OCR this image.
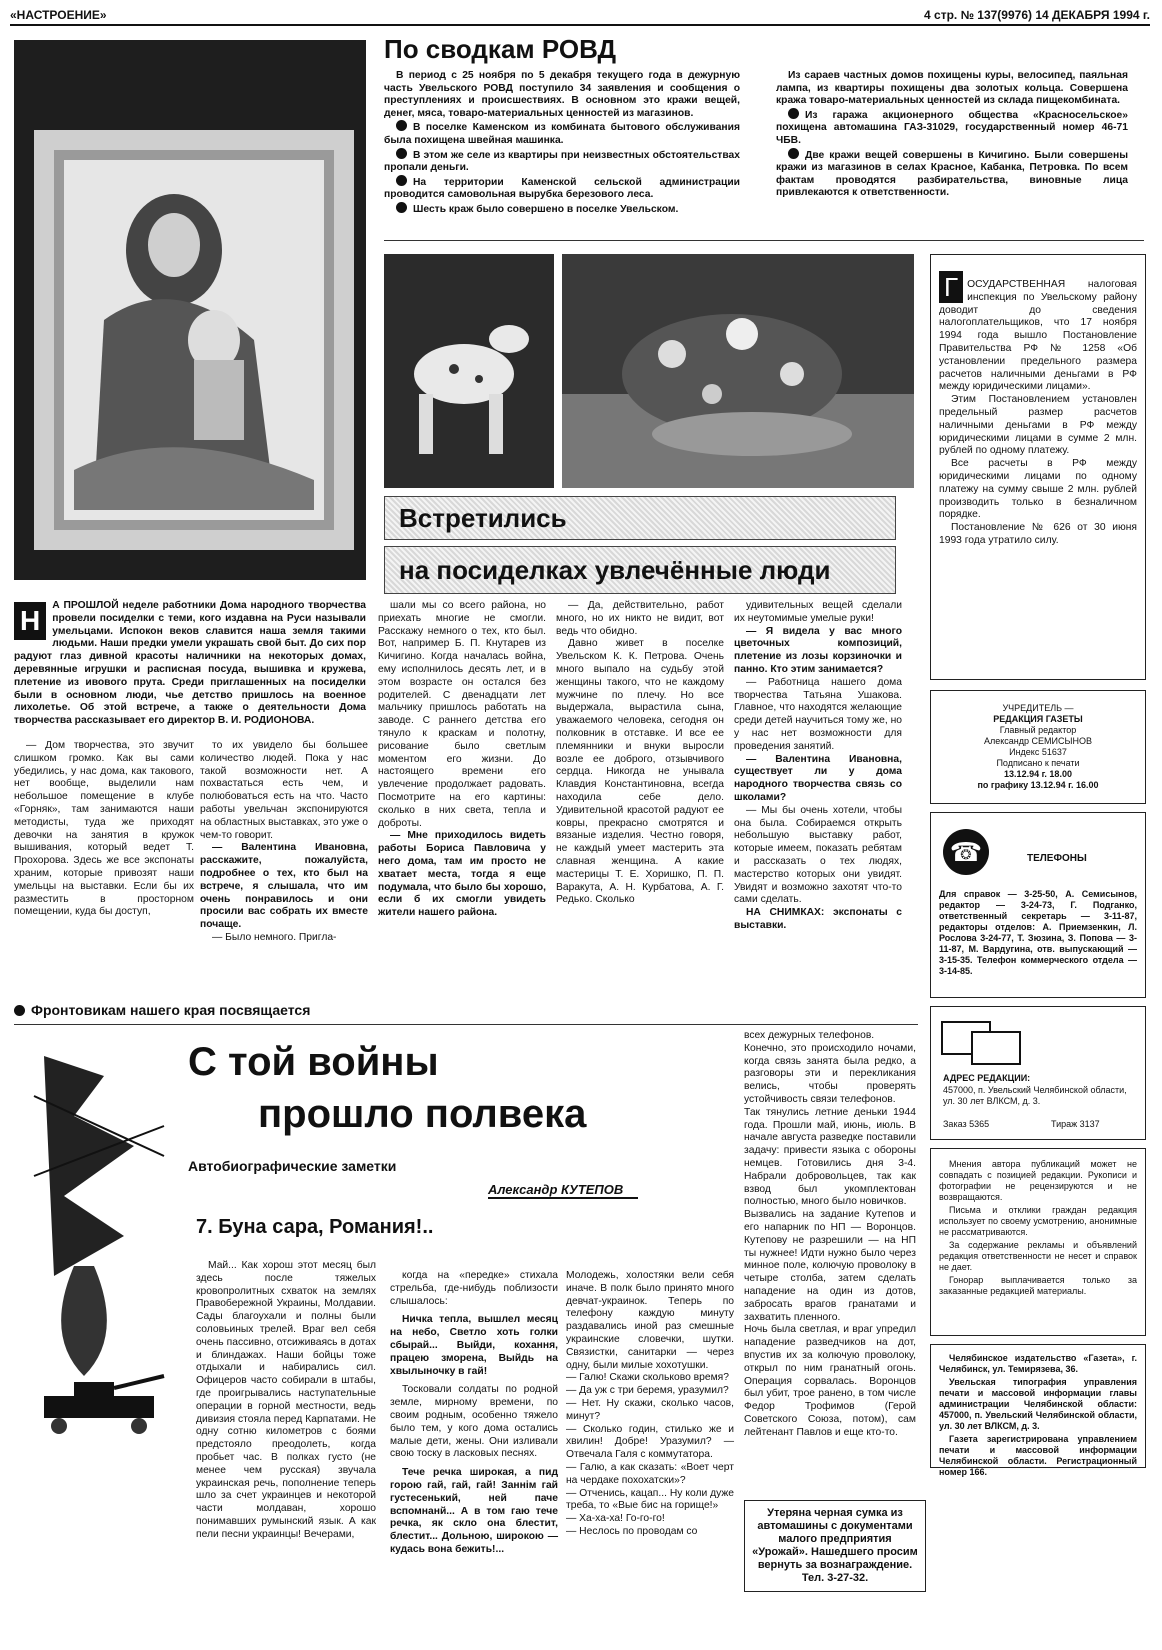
«НАСТРОЕНИЕ»	4 стр. № 137(9976) 14 ДЕКАБРЯ 1994 г.
По сводкам РОВД

В период с 25 ноября по 5 декабря текущего года в дежурную часть Увельского РОВД поступило 34 заявления и сообщения о преступлениях и происшествиях. В основном это кражи вещей, денег, мяса, товаро-материальных ценностей из магазинов.

В поселке Каменском из комбината бытового обслуживания была похищена швейная машинка.

В этом же селе из квартиры при неизвестных обстоятельствах пропали деньги.

На территории Каменской сельской администрации проводится самовольная вырубка березового леса.

Шесть краж было совершено в поселке Увельском.

Из сараев частных домов похищены куры, велосипед, паяльная лампа, из квартиры похищены два золотых кольца. Совершена кража товаро-материальных ценностей из склада пищекомбината.

Из гаража акционерного общества «Красносельское» похищена автомашина ГАЗ-31029, государственный номер 46-71 ЧБВ.

Две кражи вещей совершены в Кичигино. Были совершены кражи из магазинов в селах Красное, Кабанка, Петровка. По всем фактам проводятся разбирательства, виновные лица привлекаются к ответственности.

Встретились
на посиделках увлечённые люди
Г ОСУДАРСТВЕННАЯ налоговая инспекция по Увельскому району доводит до сведения налогоплательщиков, что 17 ноября 1994 года вышло Постановление Правительства РФ № 1258 «Об установлении предельного размера расчетов наличными деньгами в РФ между юридическими лицами».

Этим Постановлением установлен предельный размер расчетов наличными деньгами в РФ между юридическими лицами в сумме 2 млн. рублей по одному платежу.

Все расчеты в РФ между юридическими лицами по одному платежу на сумму свыше 2 млн. рублей производить только в безналичном порядке.

Постановление № 626 от 30 июня 1993 года утратило силу.

Н	А ПРОШЛОЙ неделе работники Дома народного творчества провели посиделки с теми, кого издавна на Руси называли умельцами. Испокон веков славится наша земля такими людьми. Наши предки умели украшать свой быт. До сих пор радуют глаз дивной красоты наличники на некоторых домах, деревянные игрушки и расписная посуда, вышивка и кружева, плетение из ивового прута. Среди приглашенных на посиделки были в основном люди, чье детство пришлось на военное лихолетье. Об этой встрече, а также о деятельности Дома творчества рассказывает его директор В. И. РОДИОНОВА.

— Дом творчества, это звучит слишком громко. Как вы сами убедились, у нас дома, как такового, нет вообще, выделили нам небольшое помещение в клубе «Горняк», там занимаются наши методисты, туда же приходят девочки на занятия в кружок вышивания, который ведет Т. Прохорова. Здесь же все экспонаты храним, которые привозят наши умельцы на выставки. Если бы их разместить в просторном помещении, куда бы доступ,

то их увидело бы большее количество людей. Пока у нас такой возможности нет. А похвастаться есть чем, и полюбоваться есть на что. Часто работы увельчан экспонируются на областных выставках, это уже о чем-то говорит.

— Валентина Ивановна, расскажите, пожалуйста, подробнее о тех, кто был на встрече, я слышала, что им очень понравилось и они просили вас собрать их вместе почаще.

— Было немного. Пригла-

шали мы со всего района, но приехать многие не смогли. Расскажу немного о тех, кто был. Вот, например Б. П. Кнутарев из Кичигино. Когда началась война, ему исполнилось десять лет, и в этом возрасте он остался без родителей. С двенадцати лет мальчику пришлось работать на заводе. С раннего детства его тянуло к краскам и полотну, рисование было светлым моментом его жизни. До настоящего времени его увлечение продолжает радовать. Посмотрите на его картины: сколько в них света, тепла и доброты.

— Мне приходилось видеть работы Бориса Павловича у него дома, там им просто не хватает места, тогда я еще подумала, что было бы хорошо, если б их смогли увидеть жители нашего района.

— Да, действительно, работ много, но их никто не видит, вот ведь что обидно.

Давно живет в поселке Увельском К. К. Петрова. Очень много выпало на судьбу этой женщины такого, что не каждому мужчине по плечу. Но все выдержала, вырастила сына, уважаемого человека, сегодня он полковник в отставке. И все ее племянники и внуки выросли возле ее доброго, отзывчивого сердца. Никогда не унывала Клавдия Константиновна, всегда находила себе дело. Удивительной красотой радуют ее ковры, прекрасно смотрятся и вязаные изделия. Честно говоря, не каждый умеет мастерить эта славная женщина. А какие мастерицы Т. Е. Хоришко, П. П. Варакута, А. Н. Курбатова, А. Г. Редько. Сколько

удивительных вещей сделали их неутомимые умелые руки!

— Я видела у вас много цветочных композиций, плетение из лозы корзиночки и панно. Кто этим занимается?

— Работница нашего дома творчества Татьяна Ушакова. Главное, что находятся желающие среди детей научиться тому же, но у нас нет возможности для проведения занятий.

— Валентина Ивановна, существует ли у дома народного творчества связь со школами?

— Мы бы очень хотели, чтобы она была. Собираемся открыть небольшую выставку работ, которые имеем, показать ребятам и рассказать о тех людях, мастерство которых они увидят. Увидят и возможно захотят что-то сами сделать.

НА СНИМКАХ: экспонаты с выставки.

УЧРЕДИТЕЛЬ —
РЕДАКЦИЯ ГАЗЕТЫ
Главный редактор
Александр СЕМИСЫНОВ
Индекс 51637
Подписано к печати
13.12.94 г. 18.00
по графику 13.12.94 г. 16.00
☎	ТЕЛЕФОНЫ
Для справок — 3-25-50, А. Семисынов, редактор — 3-24-73, Г. Подганко, ответственный секретарь — 3-11-87, редакторы отделов: А. Приемзенкин, Л. Рослова 3-24-77, Т. Зюзина, З. Попова — 3-11-87, М. Вардугина, отв. выпускающий — 3-15-35. Телефон коммерческого отдела — 3-14-85.
АДРЕС РЕДАКЦИИ:
457000, п. Увельский Челябинской области, ул. 30 лет ВЛКСМ, д. 3.
Заказ 5365	Тираж 3137

Мнения автора публикаций может не совпадать с позицией редакции. Рукописи и фотографии не рецензируются и не возвращаются.

Письма и отклики граждан редакция использует по своему усмотрению, анонимные не рассматриваются.

За содержание рекламы и объявлений редакция ответственности не несет и справок не дает.

Гонорар выплачивается только за заказанные редакцией материалы.

Челябинское издательство «Газета», г. Челябинск, ул. Темирязева, 36.

Увельская типография управления печати и массовой информации главы администрации Челябинской области: 457000, п. Увельский Челябинской области, ул. 30 лет ВЛКСМ, д. 3.

Газета зарегистрирована управлением печати и массовой информации Челябинской области. Регистрационный номер 166.

Фронтовикам нашего края посвящается
С той войны
прошло полвека
Автобиографические заметки
Александр КУТЕПОВ
7. Буна сара, Романия!..
Май... Как хорош этот месяц был здесь после тяжелых кровопролитных схваток на землях Правобережной Украины, Молдавии. Сады благоухали и полны были соловьиных трелей. Враг вел себя очень пассивно, отсиживаясь в дотах и блиндажах. Наши бойцы тоже отдыхали и набирались сил. Офицеров часто собирали в штабы, где проигрывались наступательные операции в горной местности, ведь дивизия стояла перед Карпатами. Не одну сотню километров с боями предстояло преодолеть, когда пробьет час. В полках густо (не менее чем русская) звучала украинская речь, пополнение теперь шло за счет украинцев и некоторой части молдаван, хорошо понимавших румынский язык. А как пели песни украинцы! Вечерами,

когда на «передке» стихала стрельба, где-нибудь поблизости слышалось:

Ничка тепла, вышлел месяц на небо, Светло хоть голки сбырай... Выйди, кохання, працею зморена, Выйдь на хвылыночку в гай!

Тосковали солдаты по родной земле, мирному времени, по своим родным, особенно тяжело было тем, у кого дома остались малые дети, жены. Они изливали свою тоску в ласковых песнях.

Тече речка широкая, а пид горою гай, гай, гай! Заннім гай густесенький, ней паче вспомнанй... А в том гаю тече речка, як скло она блестит, блестит... Дольною, широкою — кудась вона бежить!...

Молодежь, холостяки вели себя иначе. В полк было принято много девчат-украинок. Теперь по телефону каждую минуту раздавались иной раз смешные украинские словечки, шутки. Связистки, санитарки — через одну, были милые хохотушки.
— Галю! Скажи скольково время?
— Да уж с три беремя, уразумил?
— Нет. Ну скажи, сколько часов, минут?
— Сколько годин, стилько же и хвилин! Добре! Уразумил? — Отвечала Галя с коммутатора.
— Галю, а как сказать: «Воет черт на чердаке похохатски»?
— Отченись, кацап... Ну коли дуже треба, то «Вые бис на горище!»
— Ха-ха-ха! Го-го-го!
— Неслось по проводам со
всех дежурных телефонов.
Конечно, это происходило ночами, когда связь занята была редко, а разговоры эти и перекликания велись, чтобы проверять устойчивость связи телефонов.
Так тянулись летние деньки 1944 года. Прошли май, июнь, июль. В начале августа разведке поставили задачу: привести языка с обороны немцев. Готовились дня 3-4. Набрали добровольцев, так как взвод был укомплектован полностью, много было новичков.
Вызвались на задание Кутепов и его напарник по НП — Воронцов. Кутепову не разрешили — на НП ты нужнее! Идти нужно было через минное поле, колючую проволоку в четыре столба, затем сделать нападение на один из дотов, забросать врагов гранатами и захватить пленного.
Ночь была светлая, и враг упредил нападение разведчиков на дот, впустив их за колючую проволоку, открыл по ним гранатный огонь. Операция сорвалась. Воронцов был убит, трое ранено, в том числе Федор Трофимов (Герой Советского Союза, потом), сам лейтенант Павлов и еще кто-то.
Утеряна черная сумка из автомашины с документами малого предприятия «Урожай». Нашедшего просим вернуть за вознаграждение. Тел. 3-27-32.
